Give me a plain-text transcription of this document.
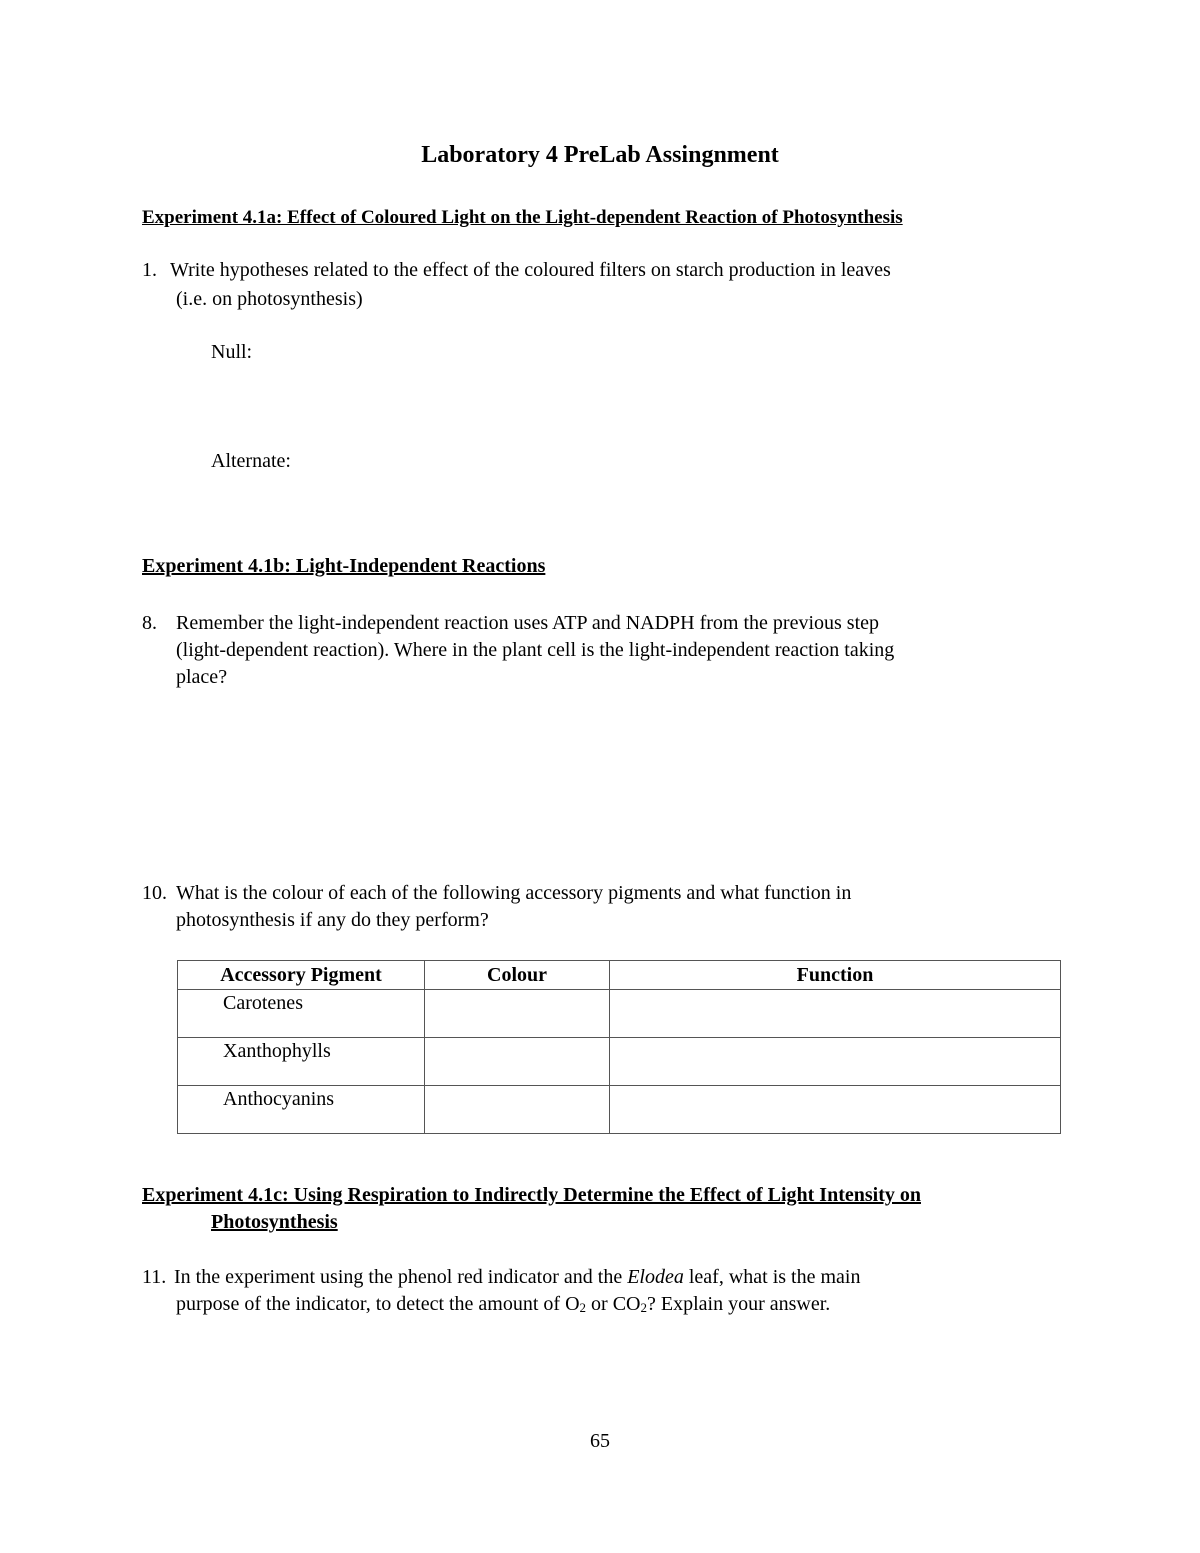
Laboratory 4 PreLab Assingnment
Experiment 4.1a: Effect of Coloured Light on the Light-dependent Reaction of Photosynthesis
1. Write hypotheses related to the effect of the coloured filters on starch production in leaves
(i.e. on photosynthesis)
Null:
Alternate:
Experiment 4.1b: Light-Independent Reactions
8. Remember the light-independent reaction uses ATP and NADPH from the previous step
(light-dependent reaction). Where in the plant cell is the light-independent reaction taking
place?
10. What is the colour of each of the following accessory pigments and what function in
photosynthesis if any do they perform?
Accessory Pigment	Colour	Function
Carotenes		
Xanthophylls		
Anthocyanins		
Experiment 4.1c: Using Respiration to Indirectly Determine the Effect of Light Intensity on
Photosynthesis
11. In the experiment using the phenol red indicator and the Elodea leaf, what is the main
purpose of the indicator, to detect the amount of $O_2$ or $CO_2$? Explain your answer.
65
